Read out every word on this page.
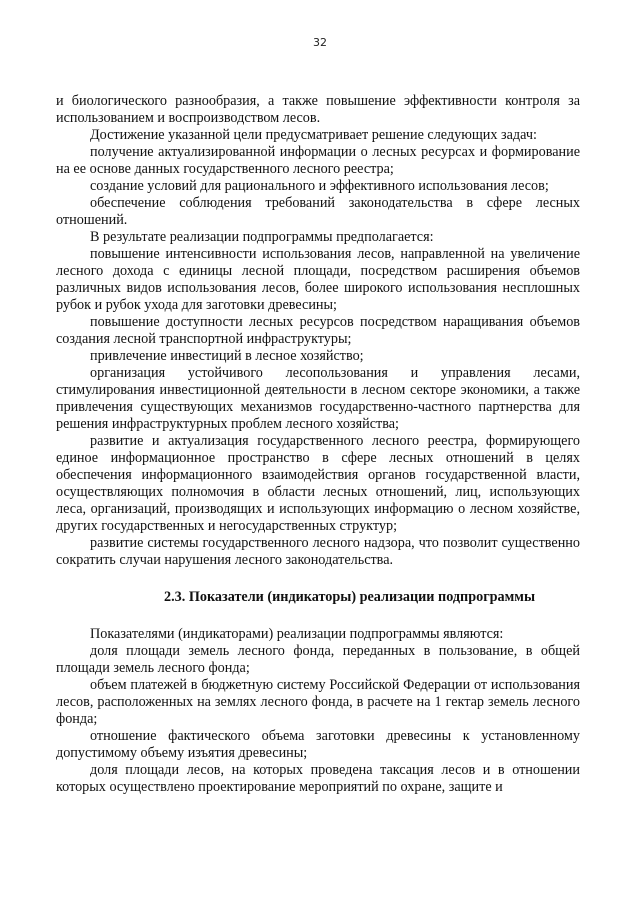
32

и биологического разнообразия, а также повышение эффективности контроля за использованием и воспроизводством лесов.

Достижение указанной цели предусматривает решение следующих задач:

получение актуализированной информации о лесных ресурсах и формирование на ее основе данных государственного лесного реестра;

создание условий для рационального и эффективного использования лесов;

обеспечение соблюдения требований законодательства в сфере лесных отношений.

В результате реализации подпрограммы предполагается:

повышение интенсивности использования лесов, направленной на увеличение лесного дохода с единицы лесной площади, посредством расширения объемов различных видов использования лесов, более широкого использования несплошных рубок и рубок ухода для заготовки древесины;

повышение доступности лесных ресурсов посредством наращивания объемов создания лесной транспортной инфраструктуры;

привлечение инвестиций в лесное хозяйство;

организация устойчивого лесопользования и управления лесами, стимулирования инвестиционной деятельности в лесном секторе экономики, а также привлечения существующих механизмов государственно-частного партнерства для решения инфраструктурных проблем лесного хозяйства;

развитие и актуализация государственного лесного реестра, формирующего единое информационное пространство в сфере лесных отношений в целях обеспечения информационного взаимодействия органов государственной власти, осуществляющих полномочия в области лесных отношений, лиц, использующих леса, организаций, производящих и использующих информацию о лесном хозяйстве, других государственных и негосударственных структур;

развитие системы государственного лесного надзора, что позволит существенно сократить случаи нарушения лесного законодательства.

2.3. Показатели (индикаторы) реализации подпрограммы

Показателями (индикаторами) реализации подпрограммы являются:

доля площади земель лесного фонда, переданных в пользование, в общей площади земель лесного фонда;

объем платежей в бюджетную систему Российской Федерации от использования лесов, расположенных на землях лесного фонда, в расчете на 1 гектар земель лесного фонда;

отношение фактического объема заготовки древесины к установленному допустимому объему изъятия древесины;

доля площади лесов, на которых проведена таксация лесов и в отношении которых осуществлено проектирование мероприятий по охране, защите и
